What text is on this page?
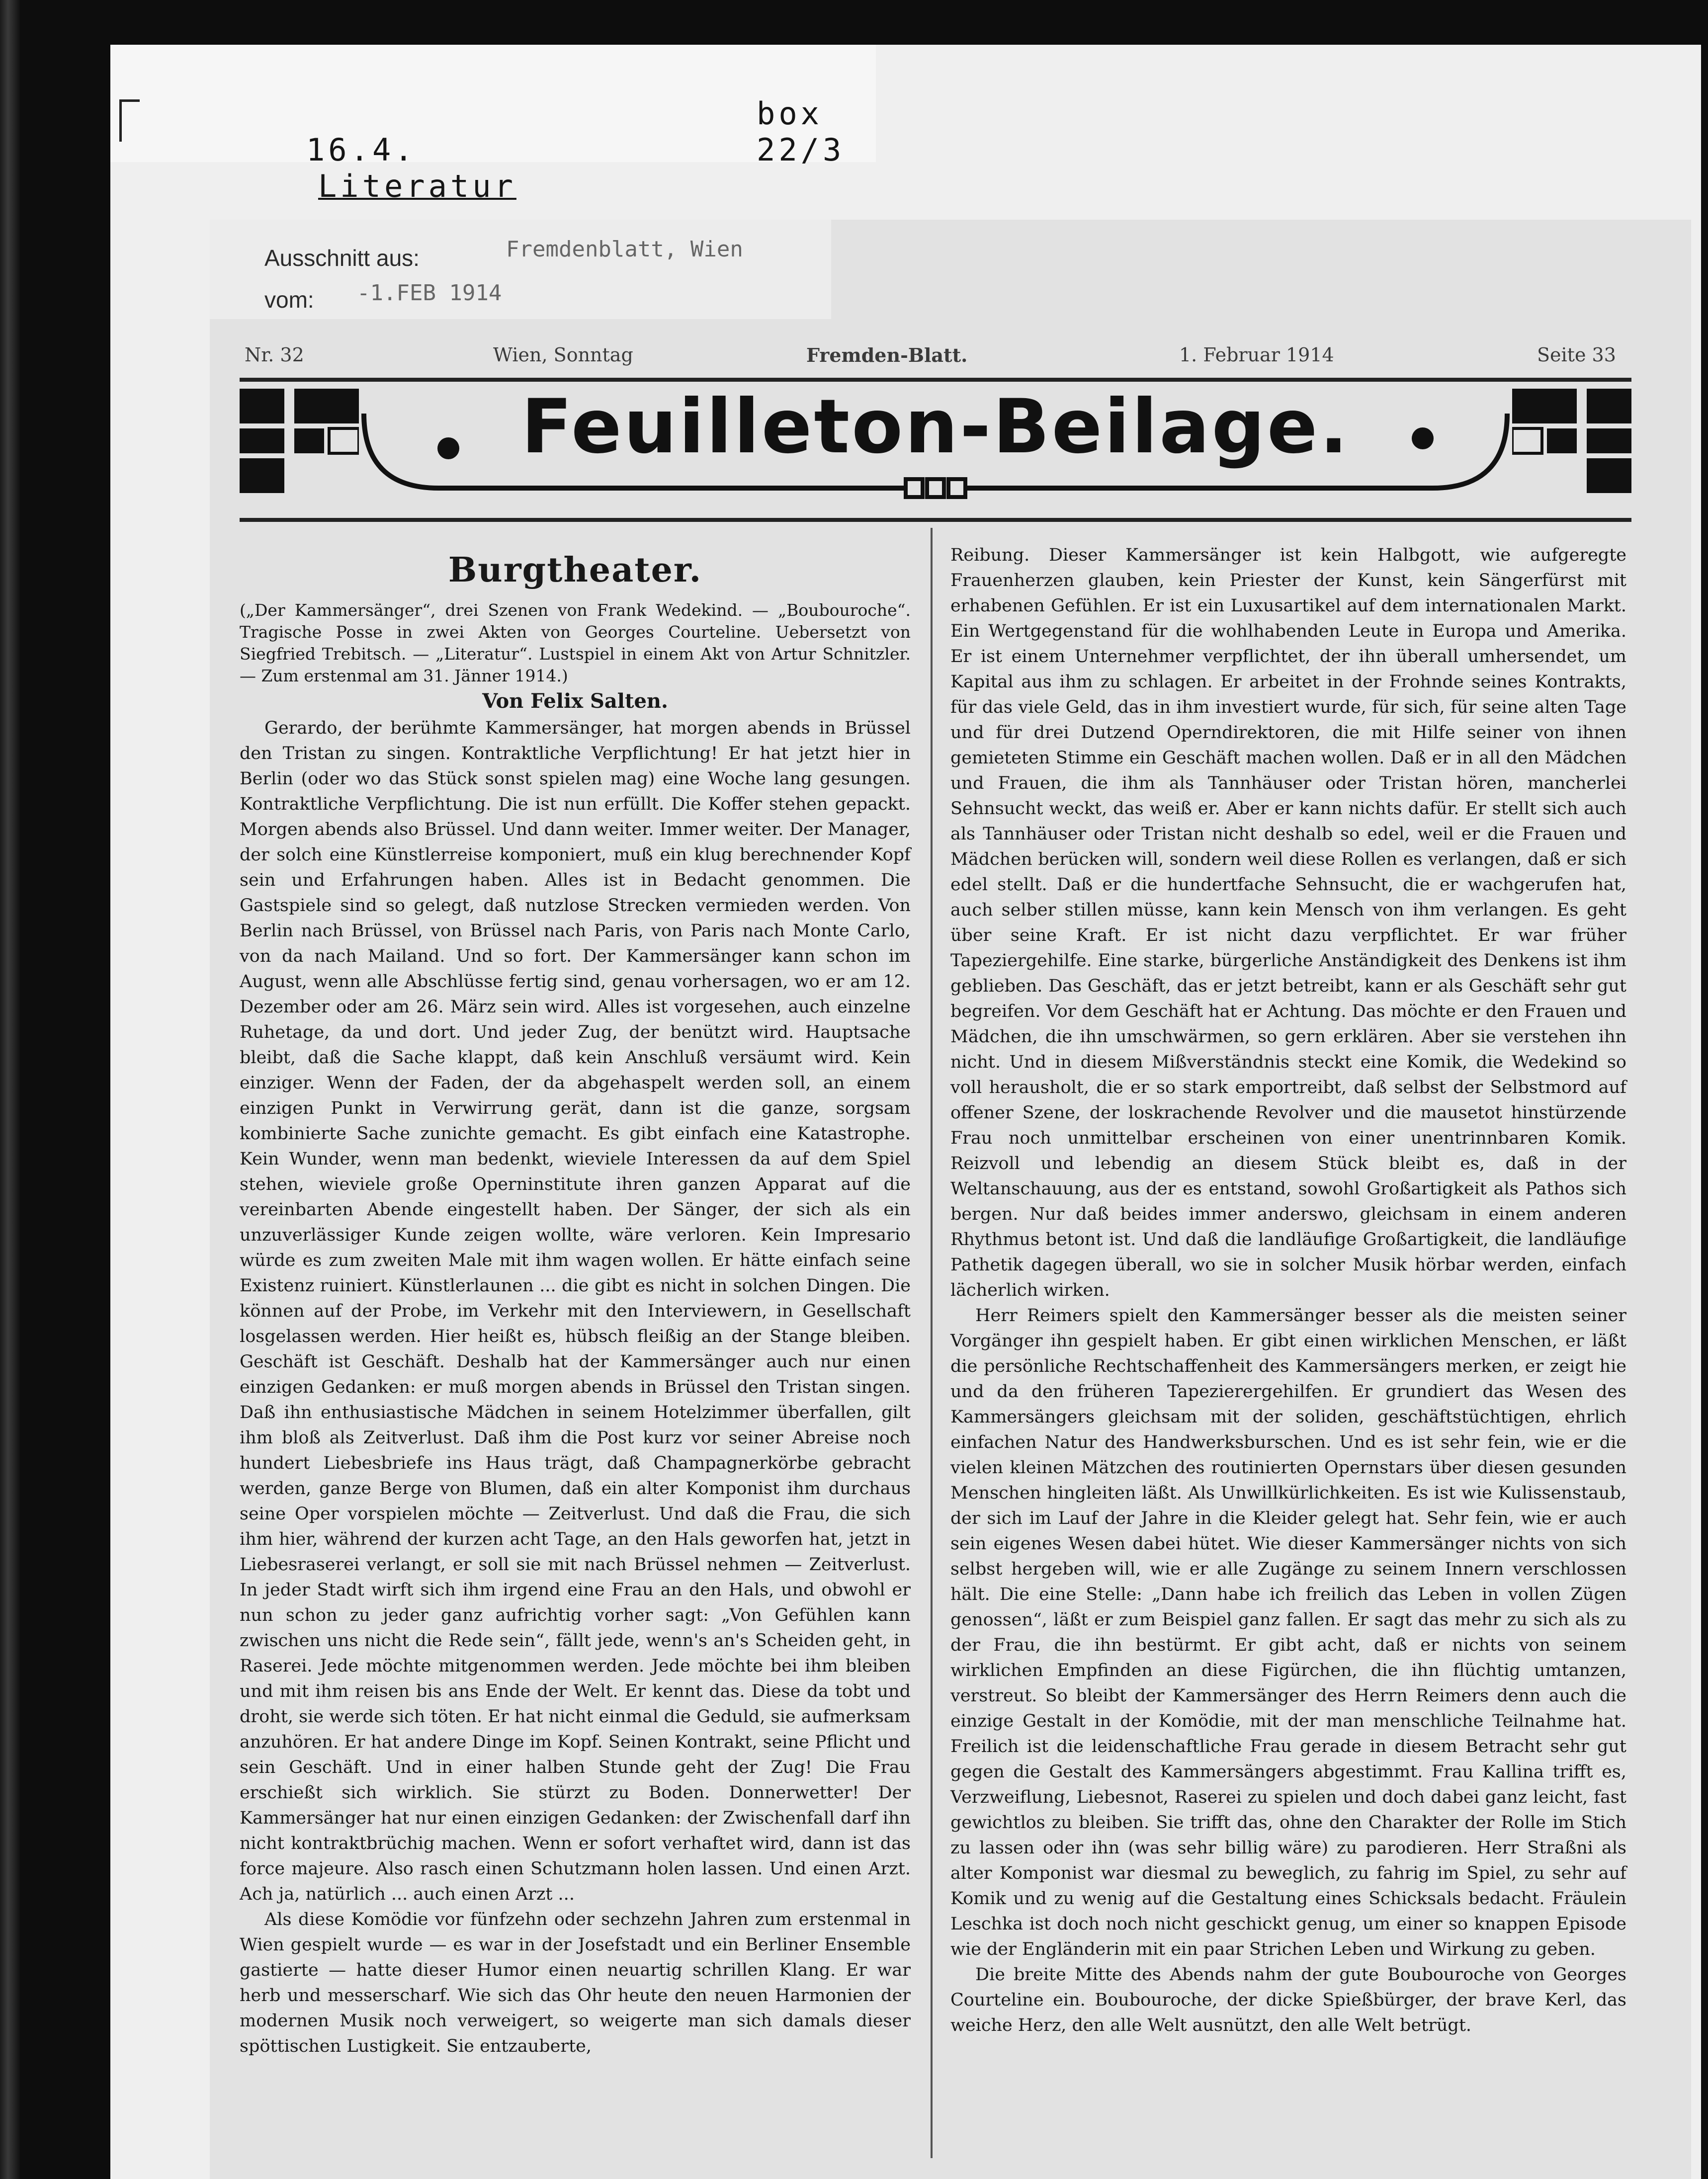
16.4.
Literatur

box 22/3
Ausschnitt aus:	Fremdenblatt, Wien
vom: -1.FEB 1914
Nr. 32	Wien, Sonntag	Fremden-Blatt.	1. Februar 1914	Seite 33
Feuilleton-Beilage.
Burgtheater.

(„Der Kammersänger“, drei Szenen von Frank Wedekind. — „Boubouroche“. Tragische Posse in zwei Akten von Georges Courteline. Uebersetzt von Siegfried Trebitsch. — „Literatur“. Lustspiel in einem Akt von Artur Schnitzler. — Zum erstenmal am 31. Jänner 1914.)

Von Felix Salten.

Gerardo, der berühmte Kammersänger, hat morgen abends in Brüssel den Tristan zu singen. Kontraktliche Verpflichtung! Er hat jetzt hier in Berlin (oder wo das Stück sonst spielen mag) eine Woche lang gesungen. Kontraktliche Verpflichtung. Die ist nun erfüllt. Die Koffer stehen gepackt. Morgen abends also Brüssel. Und dann weiter. Immer weiter. Der Manager, der solch eine Künstlerreise komponiert, muß ein klug berechnender Kopf sein und Erfahrungen haben. Alles ist in Bedacht genommen. Die Gastspiele sind so gelegt, daß nutzlose Strecken vermieden werden. Von Berlin nach Brüssel, von Brüssel nach Paris, von Paris nach Monte Carlo, von da nach Mailand. Und so fort. Der Kammersänger kann schon im August, wenn alle Abschlüsse fertig sind, genau vorhersagen, wo er am 12. Dezember oder am 26. März sein wird. Alles ist vorgesehen, auch einzelne Ruhetage, da und dort. Und jeder Zug, der benützt wird. Hauptsache bleibt, daß die Sache klappt, daß kein Anschluß versäumt wird. Kein einziger. Wenn der Faden, der da abgehaspelt werden soll, an einem einzigen Punkt in Verwirrung gerät, dann ist die ganze, sorgsam kombinierte Sache zunichte gemacht. Es gibt einfach eine Katastrophe. Kein Wunder, wenn man bedenkt, wieviele Interessen da auf dem Spiel stehen, wieviele große Operninstitute ihren ganzen Apparat auf die vereinbarten Abende eingestellt haben. Der Sänger, der sich als ein unzuverlässiger Kunde zeigen wollte, wäre verloren. Kein Impresario würde es zum zweiten Male mit ihm wagen wollen. Er hätte einfach seine Existenz ruiniert. Künstlerlaunen ... die gibt es nicht in solchen Dingen. Die können auf der Probe, im Verkehr mit den Interviewern, in Gesellschaft losgelassen werden. Hier heißt es, hübsch fleißig an der Stange bleiben. Geschäft ist Geschäft. Deshalb hat der Kammersänger auch nur einen einzigen Gedanken: er muß morgen abends in Brüssel den Tristan singen. Daß ihn enthusiastische Mädchen in seinem Hotelzimmer überfallen, gilt ihm bloß als Zeitverlust. Daß ihm die Post kurz vor seiner Abreise noch hundert Liebesbriefe ins Haus trägt, daß Champagnerkörbe gebracht werden, ganze Berge von Blumen, daß ein alter Komponist ihm durchaus seine Oper vorspielen möchte — Zeitverlust. Und daß die Frau, die sich ihm hier, während der kurzen acht Tage, an den Hals geworfen hat, jetzt in Liebesraserei verlangt, er soll sie mit nach Brüssel nehmen — Zeitverlust. In jeder Stadt wirft sich ihm irgend eine Frau an den Hals, und obwohl er nun schon zu jeder ganz aufrichtig vorher sagt: „Von Gefühlen kann zwischen uns nicht die Rede sein“, fällt jede, wenn's an's Scheiden geht, in Raserei. Jede möchte mitgenommen werden. Jede möchte bei ihm bleiben und mit ihm reisen bis ans Ende der Welt. Er kennt das. Diese da tobt und droht, sie werde sich töten. Er hat nicht einmal die Geduld, sie aufmerksam anzuhören. Er hat andere Dinge im Kopf. Seinen Kontrakt, seine Pflicht und sein Geschäft. Und in einer halben Stunde geht der Zug! Die Frau erschießt sich wirklich. Sie stürzt zu Boden. Donnerwetter! Der Kammersänger hat nur einen einzigen Gedanken: der Zwischenfall darf ihn nicht kontraktbrüchig machen. Wenn er sofort verhaftet wird, dann ist das force majeure. Also rasch einen Schutzmann holen lassen. Und einen Arzt. Ach ja, natürlich ... auch einen Arzt ...

Als diese Komödie vor fünfzehn oder sechzehn Jahren zum erstenmal in Wien gespielt wurde — es war in der Josefstadt und ein Berliner Ensemble gastierte — hatte dieser Humor einen neuartig schrillen Klang. Er war herb und messerscharf. Wie sich das Ohr heute den neuen Harmonien der modernen Musik noch verweigert, so weigerte man sich damals dieser spöttischen Lustigkeit. Sie entzauberte,

Reibung. Dieser Kammersänger ist kein Halbgott, wie aufgeregte Frauenherzen glauben, kein Priester der Kunst, kein Sängerfürst mit erhabenen Gefühlen. Er ist ein Luxusartikel auf dem internationalen Markt. Ein Wertgegenstand für die wohlhabenden Leute in Europa und Amerika. Er ist einem Unternehmer verpflichtet, der ihn überall umhersendet, um Kapital aus ihm zu schlagen. Er arbeitet in der Frohnde seines Kontrakts, für das viele Geld, das in ihm investiert wurde, für sich, für seine alten Tage und für drei Dutzend Operndirektoren, die mit Hilfe seiner von ihnen gemieteten Stimme ein Geschäft machen wollen. Daß er in all den Mädchen und Frauen, die ihm als Tannhäuser oder Tristan hören, mancherlei Sehnsucht weckt, das weiß er. Aber er kann nichts dafür. Er stellt sich auch als Tannhäuser oder Tristan nicht deshalb so edel, weil er die Frauen und Mädchen berücken will, sondern weil diese Rollen es verlangen, daß er sich edel stellt. Daß er die hundertfache Sehnsucht, die er wachgerufen hat, auch selber stillen müsse, kann kein Mensch von ihm verlangen. Es geht über seine Kraft. Er ist nicht dazu verpflichtet. Er war früher Tapeziergehilfe. Eine starke, bürgerliche Anständigkeit des Denkens ist ihm geblieben. Das Geschäft, das er jetzt betreibt, kann er als Geschäft sehr gut begreifen. Vor dem Geschäft hat er Achtung. Das möchte er den Frauen und Mädchen, die ihn umschwärmen, so gern erklären. Aber sie verstehen ihn nicht. Und in diesem Mißverständnis steckt eine Komik, die Wedekind so voll herausholt, die er so stark emportreibt, daß selbst der Selbstmord auf offener Szene, der loskrachende Revolver und die mausetot hinstürzende Frau noch unmittelbar erscheinen von einer unentrinnbaren Komik. Reizvoll und lebendig an diesem Stück bleibt es, daß in der Weltanschauung, aus der es entstand, sowohl Großartigkeit als Pathos sich bergen. Nur daß beides immer anderswo, gleichsam in einem anderen Rhythmus betont ist. Und daß die landläufige Großartigkeit, die landläufige Pathetik dagegen überall, wo sie in solcher Musik hörbar werden, einfach lächerlich wirken.

Herr Reimers spielt den Kammersänger besser als die meisten seiner Vorgänger ihn gespielt haben. Er gibt einen wirklichen Menschen, er läßt die persönliche Rechtschaffenheit des Kammersängers merken, er zeigt hie und da den früheren Tapezierergehilfen. Er grundiert das Wesen des Kammersängers gleichsam mit der soliden, geschäftstüchtigen, ehrlich einfachen Natur des Handwerksburschen. Und es ist sehr fein, wie er die vielen kleinen Mätzchen des routinierten Opernstars über diesen gesunden Menschen hingleiten läßt. Als Unwillkürlichkeiten. Es ist wie Kulissenstaub, der sich im Lauf der Jahre in die Kleider gelegt hat. Sehr fein, wie er auch sein eigenes Wesen dabei hütet. Wie dieser Kammersänger nichts von sich selbst hergeben will, wie er alle Zugänge zu seinem Innern verschlossen hält. Die eine Stelle: „Dann habe ich freilich das Leben in vollen Zügen genossen“, läßt er zum Beispiel ganz fallen. Er sagt das mehr zu sich als zu der Frau, die ihn bestürmt. Er gibt acht, daß er nichts von seinem wirklichen Empfinden an diese Figürchen, die ihn flüchtig umtanzen, verstreut. So bleibt der Kammersänger des Herrn Reimers denn auch die einzige Gestalt in der Komödie, mit der man menschliche Teilnahme hat. Freilich ist die leidenschaftliche Frau gerade in diesem Betracht sehr gut gegen die Gestalt des Kammersängers abgestimmt. Frau Kallina trifft es, Verzweiflung, Liebesnot, Raserei zu spielen und doch dabei ganz leicht, fast gewichtlos zu bleiben. Sie trifft das, ohne den Charakter der Rolle im Stich zu lassen oder ihn (was sehr billig wäre) zu parodieren. Herr Straßni als alter Komponist war diesmal zu beweglich, zu fahrig im Spiel, zu sehr auf Komik und zu wenig auf die Gestaltung eines Schicksals bedacht. Fräulein Leschka ist doch noch nicht geschickt genug, um einer so knappen Episode wie der Engländerin mit ein paar Strichen Leben und Wirkung zu geben.

Die breite Mitte des Abends nahm der gute Boubouroche von Georges Courteline ein. Boubouroche, der dicke Spießbürger, der brave Kerl, das weiche Herz, den alle Welt ausnützt, den alle Welt betrügt.
